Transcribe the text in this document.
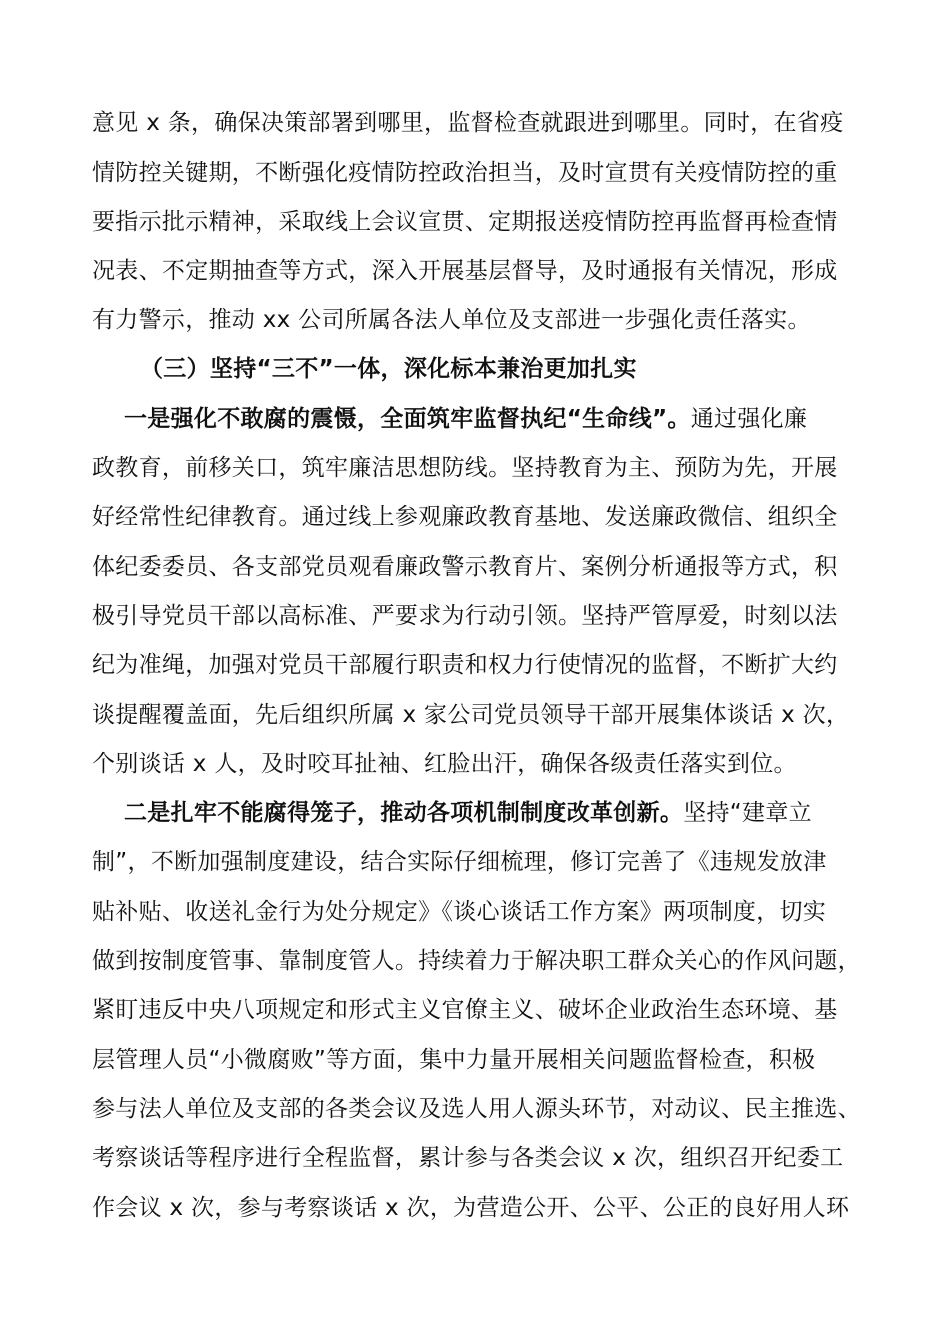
意见 x 条，确保决策部署到哪里，监督检查就跟进到哪里。同时，在省疫
情防控关键期，不断强化疫情防控政治担当，及时宣贯有关疫情防控的重
要指示批示精神，采取线上会议宣贯、定期报送疫情防控再监督再检查情
况表、不定期抽查等方式，深入开展基层督导，及时通报有关情况，形成
有力警示，推动 xx 公司所属各法人单位及支部进一步强化责任落实。
（三）坚持“三不”一体，深化标本兼治更加扎实
一是强化不敢腐的震慑，全面筑牢监督执纪“生命线”。通过强化廉
政教育，前移关口，筑牢廉洁思想防线。坚持教育为主、预防为先，开展
好经常性纪律教育。通过线上参观廉政教育基地、发送廉政微信、组织全
体纪委委员、各支部党员观看廉政警示教育片、案例分析通报等方式，积
极引导党员干部以高标准、严要求为行动引领。坚持严管厚爱，时刻以法
纪为准绳，加强对党员干部履行职责和权力行使情况的监督，不断扩大约
谈提醒覆盖面，先后组织所属 x 家公司党员领导干部开展集体谈话 x 次，
个别谈话 x 人，及时咬耳扯袖、红脸出汗，确保各级责任落实到位。
二是扎牢不能腐得笼子，推动各项机制制度改革创新。坚持“建章立
制”，不断加强制度建设，结合实际仔细梳理，修订完善了《违规发放津
贴补贴、收送礼金行为处分规定》《谈心谈话工作方案》两项制度，切实
做到按制度管事、靠制度管人。持续着力于解决职工群众关心的作风问题，
紧盯违反中央八项规定和形式主义官僚主义、破坏企业政治生态环境、基
层管理人员“小微腐败”等方面，集中力量开展相关问题监督检查，积极
参与法人单位及支部的各类会议及选人用人源头环节，对动议、民主推选、
考察谈话等程序进行全程监督，累计参与各类会议 x 次，组织召开纪委工
作会议 x 次，参与考察谈话 x 次，为营造公开、公平、公正的良好用人环
